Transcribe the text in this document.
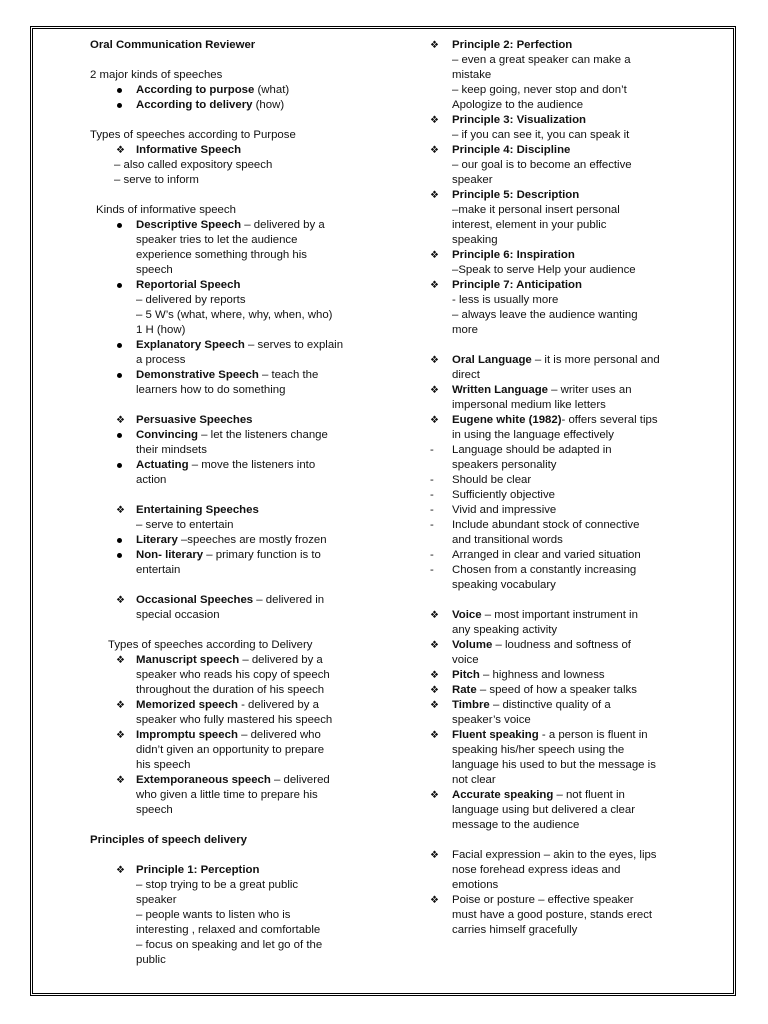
Oral Communication Reviewer
2 major kinds of speeches
According to purpose (what)
According to delivery (how)
Types of speeches according to Purpose
❖ Informative Speech
– also called expository speech
– serve to inform
Kinds of informative speech
Descriptive Speech – delivered by a
speaker tries to let the audience
experience something through his
speech
Reportorial Speech
– delivered by reports
– 5 W’s (what, where, why, when, who)
1 H (how)
Explanatory Speech – serves to explain
a process
Demonstrative Speech – teach the
learners how to do something
❖ Persuasive Speeches
Convincing – let the listeners change
their mindsets
Actuating – move the listeners into
action
❖ Entertaining Speeches
– serve to entertain
Literary –speeches are mostly frozen
Non- literary – primary function is to
entertain
❖ Occasional Speeches – delivered in
special occasion
Types of speeches according to Delivery
❖ Manuscript speech – delivered by a
speaker who reads his copy of speech
throughout the duration of his speech
❖ Memorized speech - delivered by a
speaker who fully mastered his speech
❖ Impromptu speech – delivered who
didn’t given an opportunity to prepare
his speech
❖ Extemporaneous speech – delivered
who given a little time to prepare his
speech
Principles of speech delivery
❖ Principle 1: Perception
– stop trying to be a great public
speaker
– people wants to listen who is
interesting , relaxed and comfortable
– focus on speaking and let go of the
public
❖	Principle 2: Perfection
– even a great speaker can make a
mistake
– keep going, never stop and don’t
Apologize to the audience
❖	Principle 3: Visualization
– if you can see it, you can speak it
❖	Principle 4: Discipline
– our goal is to become an effective
speaker
❖	Principle 5: Description
–make it personal insert personal
interest, element in your public
speaking
❖	Principle 6: Inspiration
–Speak to serve Help your audience
❖	Principle 7: Anticipation
- less is usually more
– always leave the audience wanting
more
❖	Oral Language – it is more personal and
direct
❖	Written Language – writer uses an
impersonal medium like letters
❖	Eugene white (1982)- offers several tips
in using the language effectively
-	Language should be adapted in
speakers personality
-	Should be clear
-	Sufficiently objective
-	Vivid and impressive
-	Include abundant stock of connective
and transitional words
-	Arranged in clear and varied situation
-	Chosen from a constantly increasing
speaking vocabulary
❖	Voice – most important instrument in
any speaking activity
❖	Volume – loudness and softness of
voice
❖	Pitch – highness and lowness
❖	Rate – speed of how a speaker talks
❖	Timbre – distinctive quality of a
speaker’s voice
❖	Fluent speaking - a person is fluent in
speaking his/her speech using the
language his used to but the message is
not clear
❖	Accurate speaking – not fluent in
language using but delivered a clear
message to the audience
❖	Facial expression – akin to the eyes, lips
nose forehead express ideas and
emotions
❖	Poise or posture – effective speaker
must have a good posture, stands erect
carries himself gracefully
